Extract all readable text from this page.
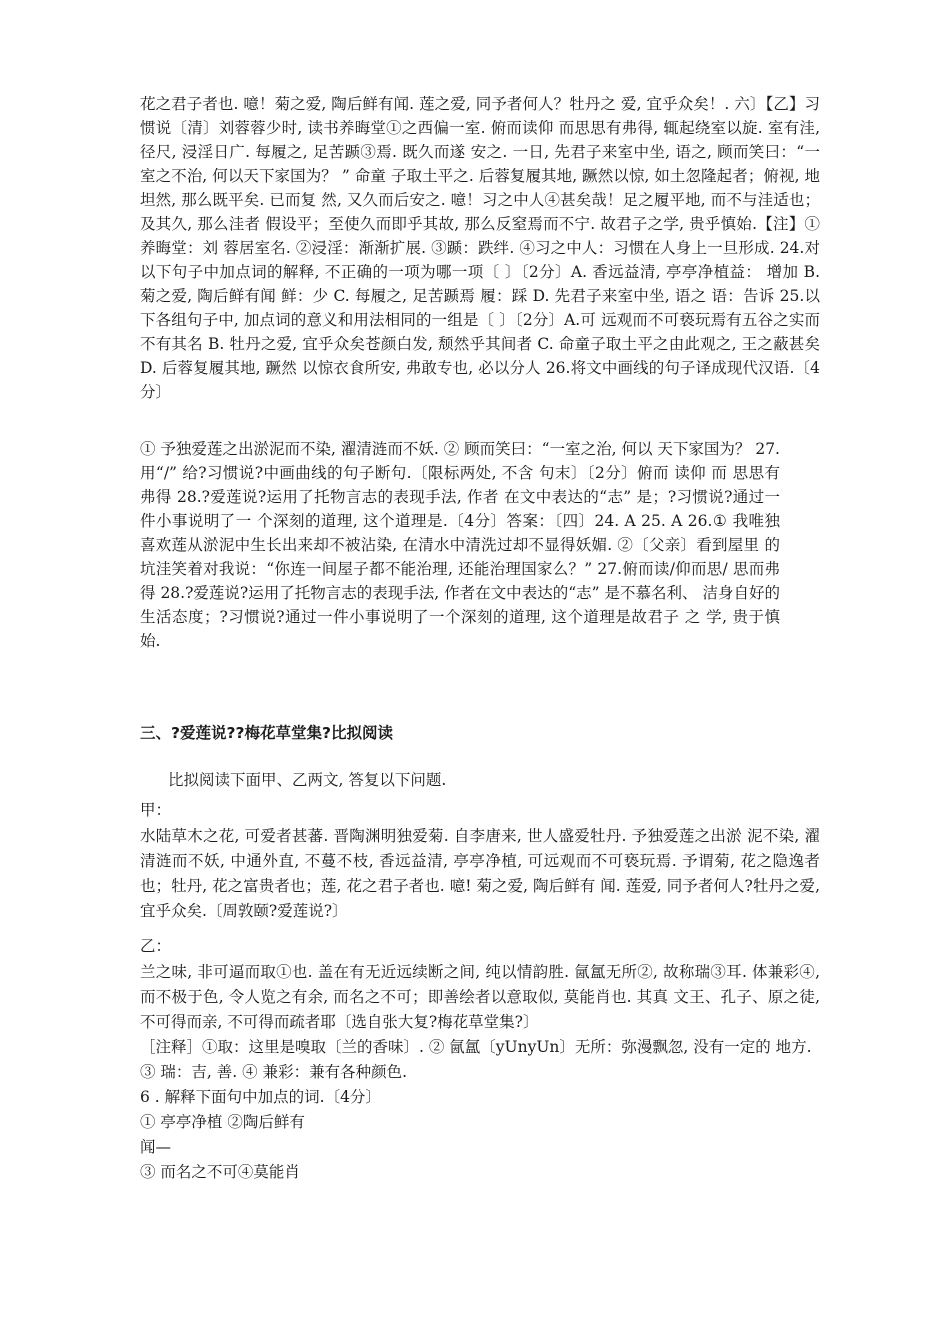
花之君子者也. 噫！菊之爱, 陶后鲜有闻. 莲之爱, 同予者何人？牡丹之 爱, 宜乎众矣！. 六〕【乙】习惯说〔清〕刘蓉蓉少时, 读书养晦堂①之西偏一室. 俯而读仰 而思思有弗得, 辄起绕室以旋. 室有洼, 径尺, 浸淫日广. 每履之, 足苦踬③焉. 既久而遂 安之. 一日, 先君子来室中坐, 语之, 顾而笑曰：“一室之不治, 何以天下家国为？ ” 命童 子取土平之. 后蓉复履其地, 蹶然以惊, 如土忽隆起者；俯视, 地坦然, 那么既平矣. 已而复 然, 又久而后安之. 噫！习之中人④甚矣哉！足之履平地, 而不与洼适也；及其久, 那么洼者 假设平；至使久而即乎其故, 那么反窒焉而不宁. 故君子之学, 贵乎慎始.【注】①养晦堂：刘 蓉居室名. ②浸淫：渐渐扩展. ③踬：跌绊. ④习之中人：习惯在人身上一旦形成. 24.对 以下句子中加点词的解释, 不正确的一项为哪一项〔 〕〔2分〕A. 香远益清, 亭亭净植益： 增加 B. 菊之爱, 陶后鲜有闻 鲜：少 C. 每履之, 足苦踬焉 履：踩 D. 先君子来室中坐, 语之 语：告诉 25.以下各组句子中, 加点词的意义和用法相同的一组是〔 〕〔2分〕A.可 远观而不可亵玩焉有五谷之实而不有其名 B. 牡丹之爱, 宜乎众矣苍颜白发, 颓然乎其间者 C. 命童子取土平之由此观之, 王之蔽甚矣 D. 后蓉复履其地, 蹶然 以惊衣食所安, 弗敢专也, 必以分人 26.将文中画线的句子译成现代汉语.〔4分〕

① 予独爱莲之出淤泥而不染, 濯清涟而不妖. ② 顾而笑曰：“一室之治, 何以 天下家国为？ 27.用“/” 给?习惯说?中画曲线的句子断句.〔限标两处, 不含 句末〕〔2分〕俯而 读仰 而 思思有 弗得 28.?爱莲说?运用了托物言志的表现手法, 作者 在文中表达的“志” 是；?习惯说?通过一件小事说明了一 个深刻的道理, 这个道理是.〔4分〕答案：〔四〕24. A 25. A 26.① 我唯独 喜欢莲从淤泥中生长出来却不被沾染, 在清水中清洗过却不显得妖媚. ②〔父亲〕看到屋里 的坑洼笑着对我说：“你连一间屋子都不能治理, 还能治理国家么？” 27.俯而读/仰而思/ 思而弗得 28.?爱莲说?运用了托物言志的表现手法, 作者在文中表达的“志” 是不慕名利、 洁身自好的生活态度；?习惯说?通过一件小事说明了一个深刻的道理, 这个道理是故君子 之 学, 贵于慎始.

三、?爱莲说??梅花草堂集?比拟阅读

比拟阅读下面甲、乙两文, 答复以下问题.

甲：

水陆草木之花, 可爱者甚蕃. 晋陶渊明独爱菊. 自李唐来, 世人盛爱牡丹. 予独爱莲之出淤 泥不染, 濯清涟而不妖, 中通外直, 不蔓不枝, 香远益清, 亭亭净植, 可远观而不可亵玩焉. 予谓菊, 花之隐逸者也；牡丹, 花之富贵者也；莲, 花之君子者也. 噫! 菊之爱, 陶后鲜有 闻. 莲爱, 同予者何人?牡丹之爱, 宜乎众矣.〔周敦颐?爱莲说?〕

乙：

兰之味, 非可逼而取①也. 盖在有无近远续断之间, 纯以情韵胜. 氤氲无所②, 故称瑞③耳. 体兼彩④, 而不极于色, 令人览之有余, 而名之不可；即善绘者以意取似, 莫能肖也. 其真 文王、孔子、原之徒, 不可得而亲, 不可得而疏者耶〔选自张大复?梅花草堂集?〕

［注释］①取：这里是嗅取〔兰的香味〕. ② 氤氲〔yUnyUn〕无所：弥漫飘忽, 没有一定的 地方. ③ 瑞：吉, 善. ④ 兼彩：兼有各种颜色.

6 . 解释下面句中加点的词.〔4分〕

① 亭亭净植 ②陶后鲜有

闻—

③ 而名之不可④莫能肖
